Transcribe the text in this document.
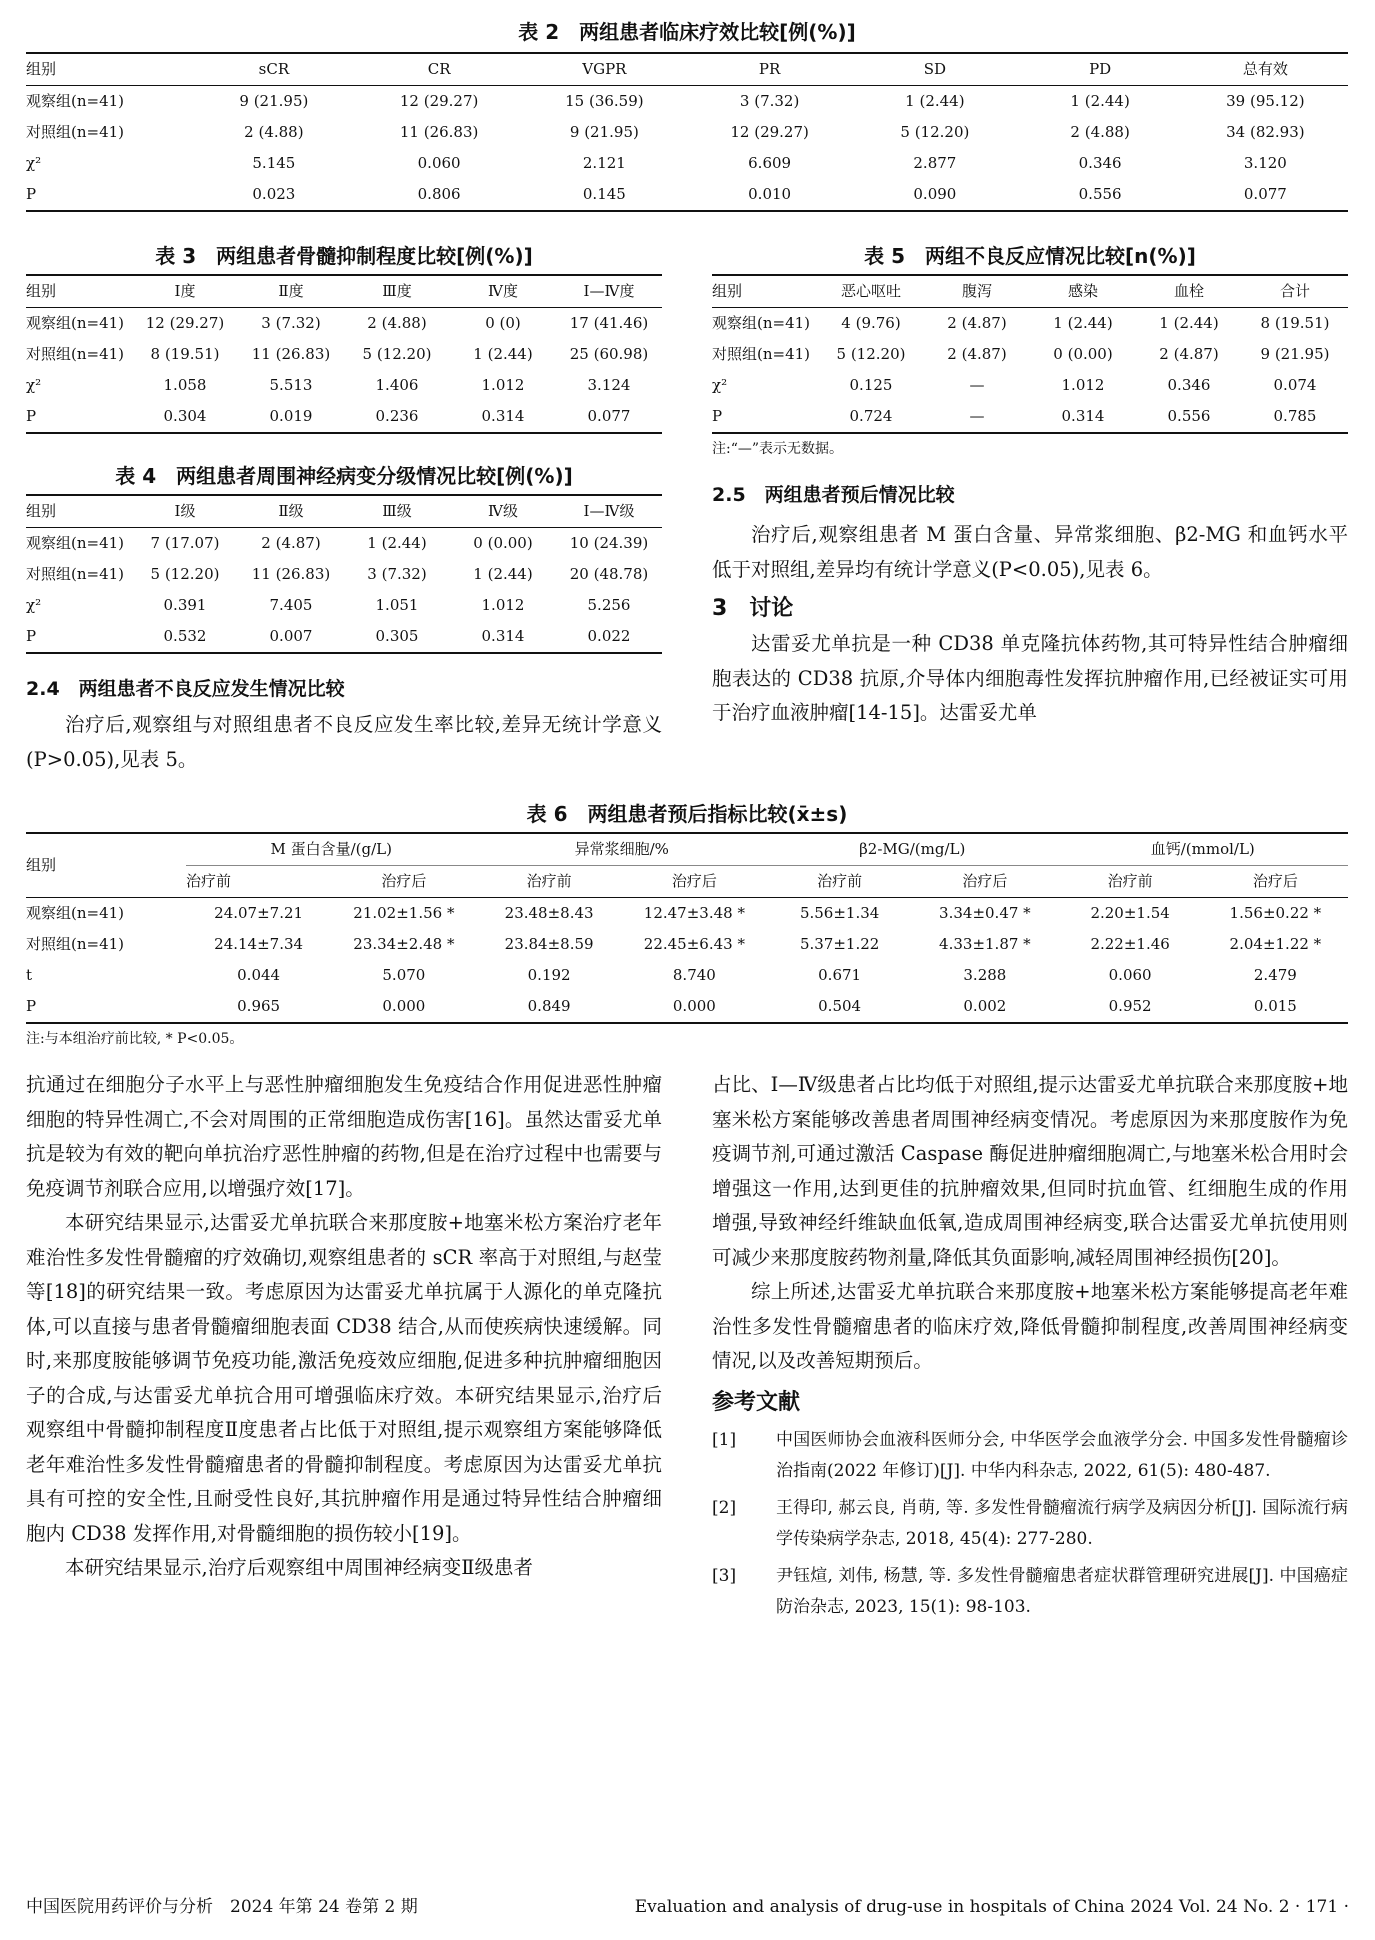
表 2　两组患者临床疗效比较[例(%)]
组别	sCR	CR	VGPR	PR	SD	PD	总有效
观察组(n=41)	9 (21.95)	12 (29.27)	15 (36.59)	3 (7.32)	1 (2.44)	1 (2.44)	39 (95.12)
对照组(n=41)	2 (4.88)	11 (26.83)	9 (21.95)	12 (29.27)	5 (12.20)	2 (4.88)	34 (82.93)
χ²	5.145	0.060	2.121	6.609	2.877	0.346	3.120
P	0.023	0.806	0.145	0.010	0.090	0.556	0.077
表 3　两组患者骨髓抑制程度比较[例(%)]
组别	Ⅰ度	Ⅱ度	Ⅲ度	Ⅳ度	Ⅰ—Ⅳ度
观察组(n=41)	12 (29.27)	3 (7.32)	2 (4.88)	0 (0)	17 (41.46)
对照组(n=41)	8 (19.51)	11 (26.83)	5 (12.20)	1 (2.44)	25 (60.98)
χ²	1.058	5.513	1.406	1.012	3.124
P	0.304	0.019	0.236	0.314	0.077
表 5　两组不良反应情况比较[n(%)]
组别	恶心呕吐	腹泻	感染	血栓	合计
观察组(n=41)	4 (9.76)	2 (4.87)	1 (2.44)	1 (2.44)	8 (19.51)
对照组(n=41)	5 (12.20)	2 (4.87)	0 (0.00)	2 (4.87)	9 (21.95)
χ²	0.125	—	1.012	0.346	0.074
P	0.724	—	0.314	0.556	0.785
注:“—”表示无数据。
表 4　两组患者周围神经病变分级情况比较[例(%)]
组别	Ⅰ级	Ⅱ级	Ⅲ级	Ⅳ级	Ⅰ—Ⅳ级
观察组(n=41)	7 (17.07)	2 (4.87)	1 (2.44)	0 (0.00)	10 (24.39)
对照组(n=41)	5 (12.20)	11 (26.83)	3 (7.32)	1 (2.44)	20 (48.78)
χ²	0.391	7.405	1.051	1.012	5.256
P	0.532	0.007	0.305	0.314	0.022
2.5　两组患者预后情况比较

治疗后,观察组患者 M 蛋白含量、异常浆细胞、β2-MG 和血钙水平低于对照组,差异均有统计学意义(P<0.05),见表 6。

3　讨论

达雷妥尤单抗是一种 CD38 单克隆抗体药物,其可特异性结合肿瘤细胞表达的 CD38 抗原,介导体内细胞毒性发挥抗肿瘤作用,已经被证实可用于治疗血液肿瘤[14-15]。达雷妥尤单

2.4　两组患者不良反应发生情况比较

治疗后,观察组与对照组患者不良反应发生率比较,差异无统计学意义(P>0.05),见表 5。

表 6　两组患者预后指标比较(x̄±s)
组别	M 蛋白含量/(g/L)		异常浆细胞/%		β2-MG/(mg/L)		血钙/(mmol/L)	
	治疗前	治疗后	治疗前	治疗后	治疗前	治疗后	治疗前	治疗后
观察组(n=41)	24.07±7.21	21.02±1.56 *	23.48±8.43	12.47±3.48 *	5.56±1.34	3.34±0.47 *	2.20±1.54	1.56±0.22 *
对照组(n=41)	24.14±7.34	23.34±2.48 *	23.84±8.59	22.45±6.43 *	5.37±1.22	4.33±1.87 *	2.22±1.46	2.04±1.22 *
t	0.044	5.070	0.192	8.740	0.671	3.288	0.060	2.479
P	0.965	0.000	0.849	0.000	0.504	0.002	0.952	0.015
注:与本组治疗前比较, * P<0.05。

抗通过在细胞分子水平上与恶性肿瘤细胞发生免疫结合作用促进恶性肿瘤细胞的特异性凋亡,不会对周围的正常细胞造成伤害[16]。虽然达雷妥尤单抗是较为有效的靶向单抗治疗恶性肿瘤的药物,但是在治疗过程中也需要与免疫调节剂联合应用,以增强疗效[17]。

本研究结果显示,达雷妥尤单抗联合来那度胺+地塞米松方案治疗老年难治性多发性骨髓瘤的疗效确切,观察组患者的 sCR 率高于对照组,与赵莹等[18]的研究结果一致。考虑原因为达雷妥尤单抗属于人源化的单克隆抗体,可以直接与患者骨髓瘤细胞表面 CD38 结合,从而使疾病快速缓解。同时,来那度胺能够调节免疫功能,激活免疫效应细胞,促进多种抗肿瘤细胞因子的合成,与达雷妥尤单抗合用可增强临床疗效。本研究结果显示,治疗后观察组中骨髓抑制程度Ⅱ度患者占比低于对照组,提示观察组方案能够降低老年难治性多发性骨髓瘤患者的骨髓抑制程度。考虑原因为达雷妥尤单抗具有可控的安全性,且耐受性良好,其抗肿瘤作用是通过特异性结合肿瘤细胞内 CD38 发挥作用,对骨髓细胞的损伤较小[19]。

本研究结果显示,治疗后观察组中周围神经病变Ⅱ级患者

占比、Ⅰ—Ⅳ级患者占比均低于对照组,提示达雷妥尤单抗联合来那度胺+地塞米松方案能够改善患者周围神经病变情况。考虑原因为来那度胺作为免疫调节剂,可通过激活 Caspase 酶促进肿瘤细胞凋亡,与地塞米松合用时会增强这一作用,达到更佳的抗肿瘤效果,但同时抗血管、红细胞生成的作用增强,导致神经纤维缺血低氧,造成周围神经病变,联合达雷妥尤单抗使用则可减少来那度胺药物剂量,降低其负面影响,减轻周围神经损伤[20]。

综上所述,达雷妥尤单抗联合来那度胺+地塞米松方案能够提高老年难治性多发性骨髓瘤患者的临床疗效,降低骨髓抑制程度,改善周围神经病变情况,以及改善短期预后。

参考文献
[1]	中国医师协会血液科医师分会, 中华医学会血液学分会. 中国多发性骨髓瘤诊治指南(2022 年修订)[J]. 中华内科杂志, 2022, 61(5): 480-487.
[2]	王得印, 郝云良, 肖萌, 等. 多发性骨髓瘤流行病学及病因分析[J]. 国际流行病学传染病学杂志, 2018, 45(4): 277-280.
[3]	尹钰煊, 刘伟, 杨慧, 等. 多发性骨髓瘤患者症状群管理研究进展[J]. 中国癌症防治杂志, 2023, 15(1): 98-103.
中国医院用药评价与分析　2024 年第 24 卷第 2 期	Evaluation and analysis of drug-use in hospitals of China 2024 Vol. 24 No. 2 · 171 ·
